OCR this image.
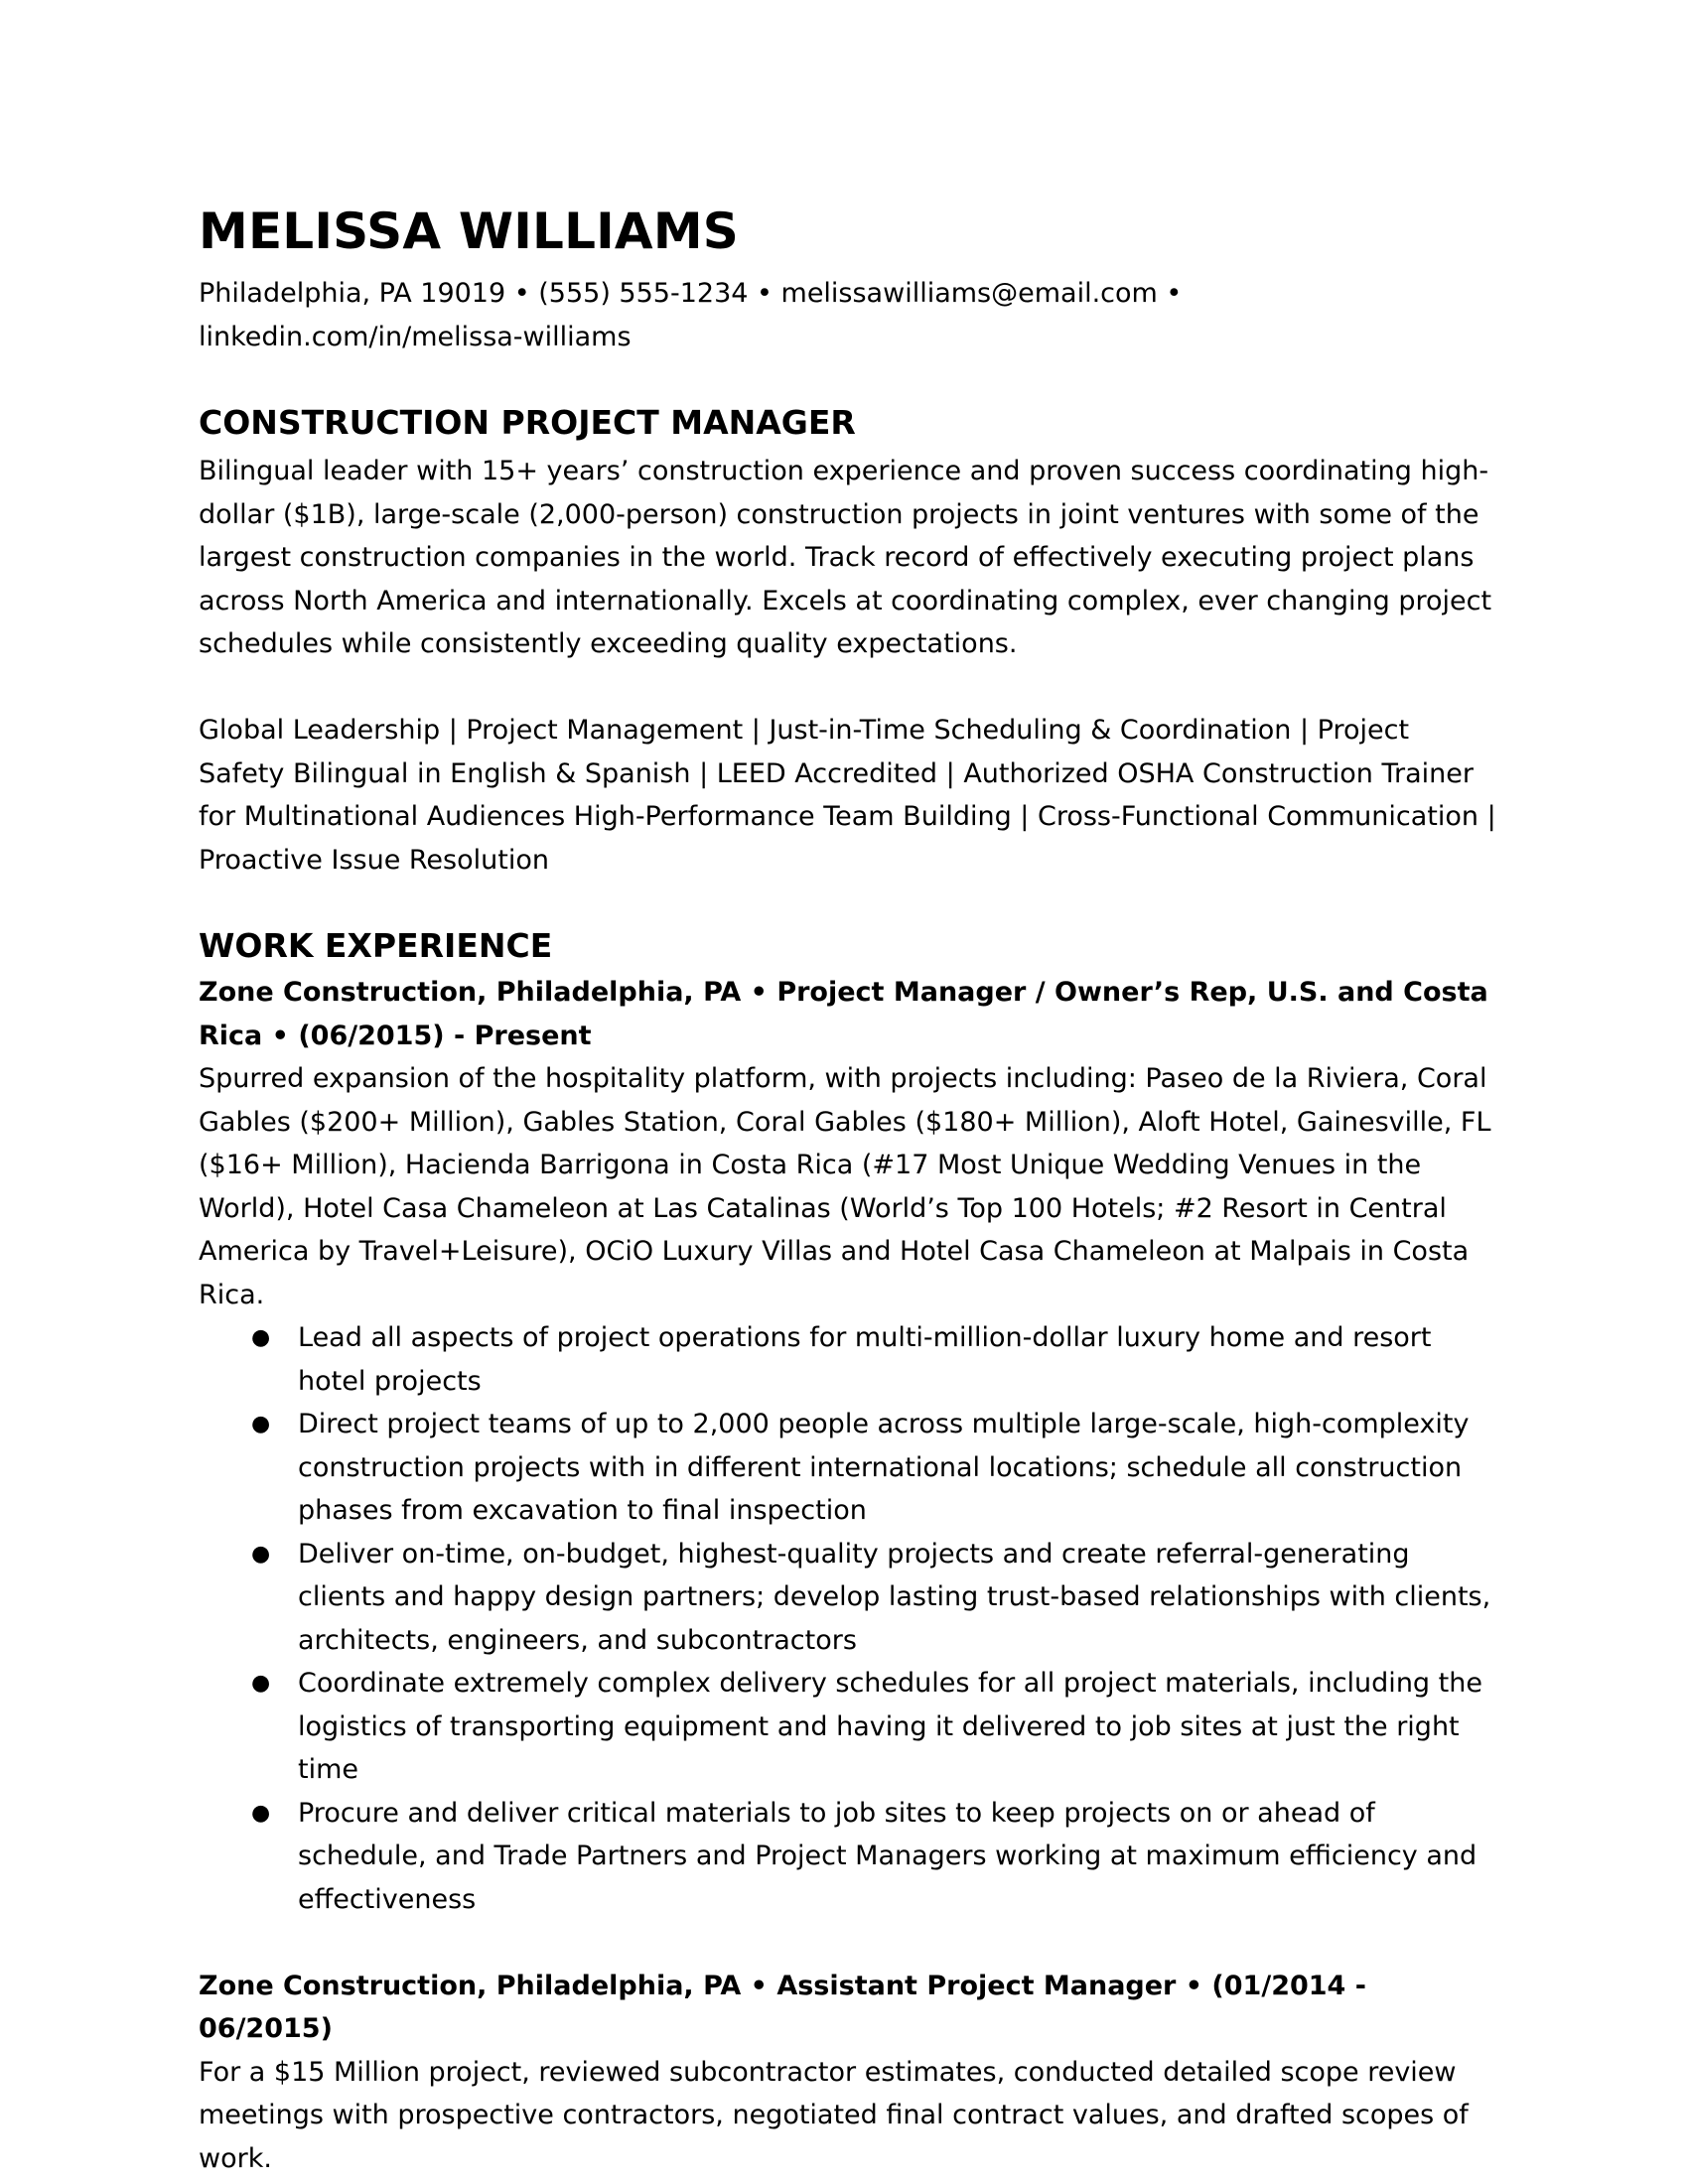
MELISSA WILLIAMS
Philadelphia, PA 19019 • (555) 555-1234 • melissawilliams@email.com •
linkedin.com/in/melissa-williams
CONSTRUCTION PROJECT MANAGER

Bilingual leader with 15+ years’ construction experience and proven success coordinating high-dollar ($1B), large-scale (2,000-person) construction projects in joint ventures with some of the largest construction companies in the world. Track record of effectively executing project plans across North America and internationally. Excels at coordinating complex, ever changing project schedules while consistently exceeding quality expectations.

Global Leadership | Project Management | Just-in-Time Scheduling & Coordination | Project Safety Bilingual in English & Spanish | LEED Accredited | Authorized OSHA Construction Trainer for Multinational Audiences High-Performance Team Building | Cross-Functional Communication | Proactive Issue Resolution

WORK EXPERIENCE

Zone Construction, Philadelphia, PA • Project Manager / Owner’s Rep, U.S. and Costa Rica • (06/2015) - Present

Spurred expansion of the hospitality platform, with projects including: Paseo de la Riviera, Coral Gables ($200+ Million), Gables Station, Coral Gables ($180+ Million), Aloft Hotel, Gainesville, FL ($16+ Million), Hacienda Barrigona in Costa Rica (#17 Most Unique Wedding Venues in the World), Hotel Casa Chameleon at Las Catalinas (World’s Top 100 Hotels; #2 Resort in Central America by Travel+Leisure), OCiO Luxury Villas and Hotel Casa Chameleon at Malpais in Costa Rica.

● Lead all aspects of project operations for multi-million-dollar luxury home and resort hotel projects
● Direct project teams of up to 2,000 people across multiple large-scale, high-complexity construction projects with in different international locations; schedule all construction phases from excavation to final inspection
● Deliver on-time, on-budget, highest-quality projects and create referral-generating clients and happy design partners; develop lasting trust-based relationships with clients, architects, engineers, and subcontractors
● Coordinate extremely complex delivery schedules for all project materials, including the logistics of transporting equipment and having it delivered to job sites at just the right time
● Procure and deliver critical materials to job sites to keep projects on or ahead of schedule, and Trade Partners and Project Managers working at maximum efficiency and effectiveness

Zone Construction, Philadelphia, PA • Assistant Project Manager • (01/2014 - 06/2015)

For a $15 Million project, reviewed subcontractor estimates, conducted detailed scope review meetings with prospective contractors, negotiated final contract values, and drafted scopes of work.
